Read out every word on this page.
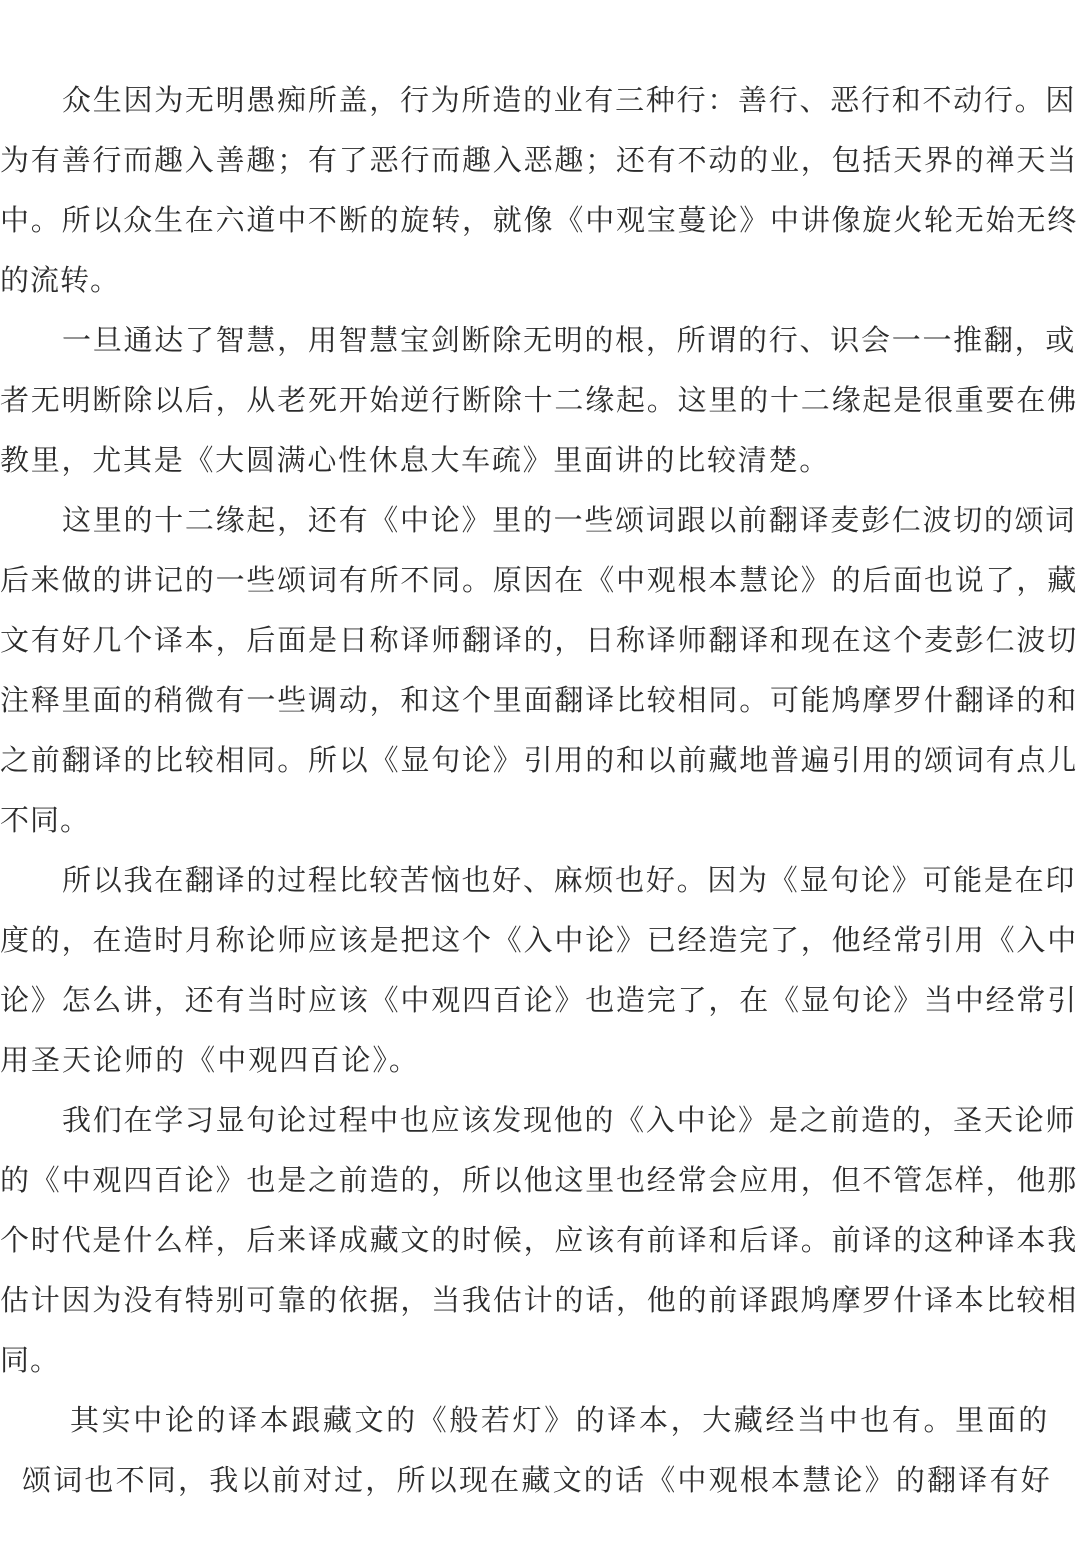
众生因为无明愚痴所盖，行为所造的业有三种行：善行、恶行和不动行。因
为有善行而趣入善趣；有了恶行而趣入恶趣；还有不动的业，包括天界的禅天当
中。所以众生在六道中不断的旋转，就像《中观宝蔓论》中讲像旋火轮无始无终
的流转。
一旦通达了智慧，用智慧宝剑断除无明的根，所谓的行、识会一一推翻，或
者无明断除以后，从老死开始逆行断除十二缘起。这里的十二缘起是很重要在佛
教里，尤其是《大圆满心性休息大车疏》里面讲的比较清楚。
这里的十二缘起，还有《中论》里的一些颂词跟以前翻译麦彭仁波切的颂词
后来做的讲记的一些颂词有所不同。原因在《中观根本慧论》的后面也说了，藏
文有好几个译本，后面是日称译师翻译的，日称译师翻译和现在这个麦彭仁波切
注释里面的稍微有一些调动，和这个里面翻译比较相同。可能鸠摩罗什翻译的和
之前翻译的比较相同。所以《显句论》引用的和以前藏地普遍引用的颂词有点儿
不同。
所以我在翻译的过程比较苦恼也好、麻烦也好。因为《显句论》可能是在印
度的，在造时月称论师应该是把这个《入中论》已经造完了，他经常引用《入中
论》怎么讲，还有当时应该《中观四百论》也造完了，在《显句论》当中经常引
用圣天论师的《中观四百论》。
我们在学习显句论过程中也应该发现他的《入中论》是之前造的，圣天论师
的《中观四百论》也是之前造的，所以他这里也经常会应用，但不管怎样，他那
个时代是什么样，后来译成藏文的时候，应该有前译和后译。前译的这种译本我
估计因为没有特别可靠的依据，当我估计的话，他的前译跟鸠摩罗什译本比较相
同。
其实中论的译本跟藏文的《般若灯》的译本，大藏经当中也有。里面的
颂词也不同，我以前对过，所以现在藏文的话《中观根本慧论》的翻译有好
